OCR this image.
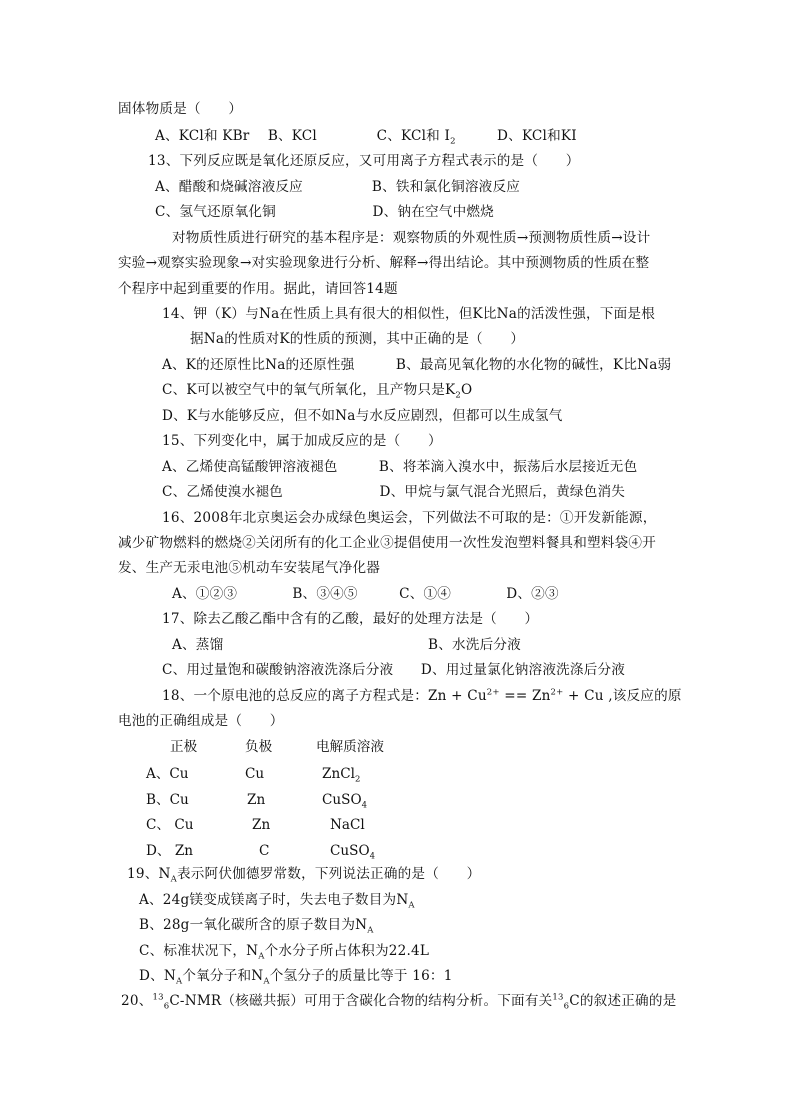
固体物质是（　　）
A、KCl和 KBr　 B、KCl　　　　 C、KCl和 $I_2$　　　D、KCl和KI
13、下列反应既是氧化还原反应，又可用离子方程式表示的是（　　）
A、醋酸和烧碱溶液反应　　　　　B、铁和氯化铜溶液反应
C、氢气还原氧化铜　　　　　　　D、钠在空气中燃烧
对物质性质进行研究的基本程序是：观察物质的外观性质→预测物质性质→设计
实验→观察实验现象→对实验现象进行分析、解释→得出结论。其中预测物质的性质在整
个程序中起到重要的作用。据此，请回答14题
14、钾（K）与Na在性质上具有很大的相似性，但K比Na的活泼性强，下面是根
据Na的性质对K的性质的预测，其中正确的是（　　）
A、K的还原性比Na的还原性强　　　B、最高见氧化物的水化物的碱性，K比Na弱
C、K可以被空气中的氧气所氧化，且产物只是$K_2O$
D、K与水能够反应，但不如Na与水反应剧烈，但都可以生成氢气
15、下列变化中，属于加成反应的是（　　）
A、乙烯使高锰酸钾溶液褪色　　　B、将苯滴入溴水中，振荡后水层接近无色
C、乙烯使溴水褪色　　　　　　　D、甲烷与氯气混合光照后，黄绿色消失
16、2008年北京奥运会办成绿色奥运会，下列做法不可取的是：①开发新能源，
减少矿物燃料的燃烧②关闭所有的化工企业③提倡使用一次性发泡塑料餐具和塑料袋④开
发、生产无汞电池⑤机动车安装尾气净化器
A、①②③　　　　B、③④⑤　　　C、①④　　　　D、②③
17、除去乙酸乙酯中含有的乙酸，最好的处理方法是（　　）
A、蒸馏	B、水洗后分液
C、用过量饱和碳酸钠溶液洗涤后分液　　D、用过量氯化钠溶液洗涤后分液
18、一个原电池的总反应的离子方程式是：$Zn + Cu^{2+} == Zn^{2+} + Cu$ ,该反应的原
电池的正确组成是（　　）
正极	负极	电解质溶液
A、Cu	Cu	ZnCl$_2$
B、Cu	Zn	CuSO$_4$
C、 Cu	Zn	NaCl
D、 Zn	C	CuSO$_4$
19、$N_A$表示阿伏伽德罗常数，下列说法正确的是（　　）
A、24g镁变成镁离子时，失去电子数目为$N_A$
B、28g一氧化碳所含的原子数目为$N_A$
C、标准状况下，$N_A$个水分子所占体积为22.4L
D、$N_A$个氧分子和$N_A$个氢分子的质量比等于 16：1
20、$^{13}_6$C-NMR（核磁共振）可用于含碳化合物的结构分析。下面有关$^{13}_6$C的叙述正确的是
